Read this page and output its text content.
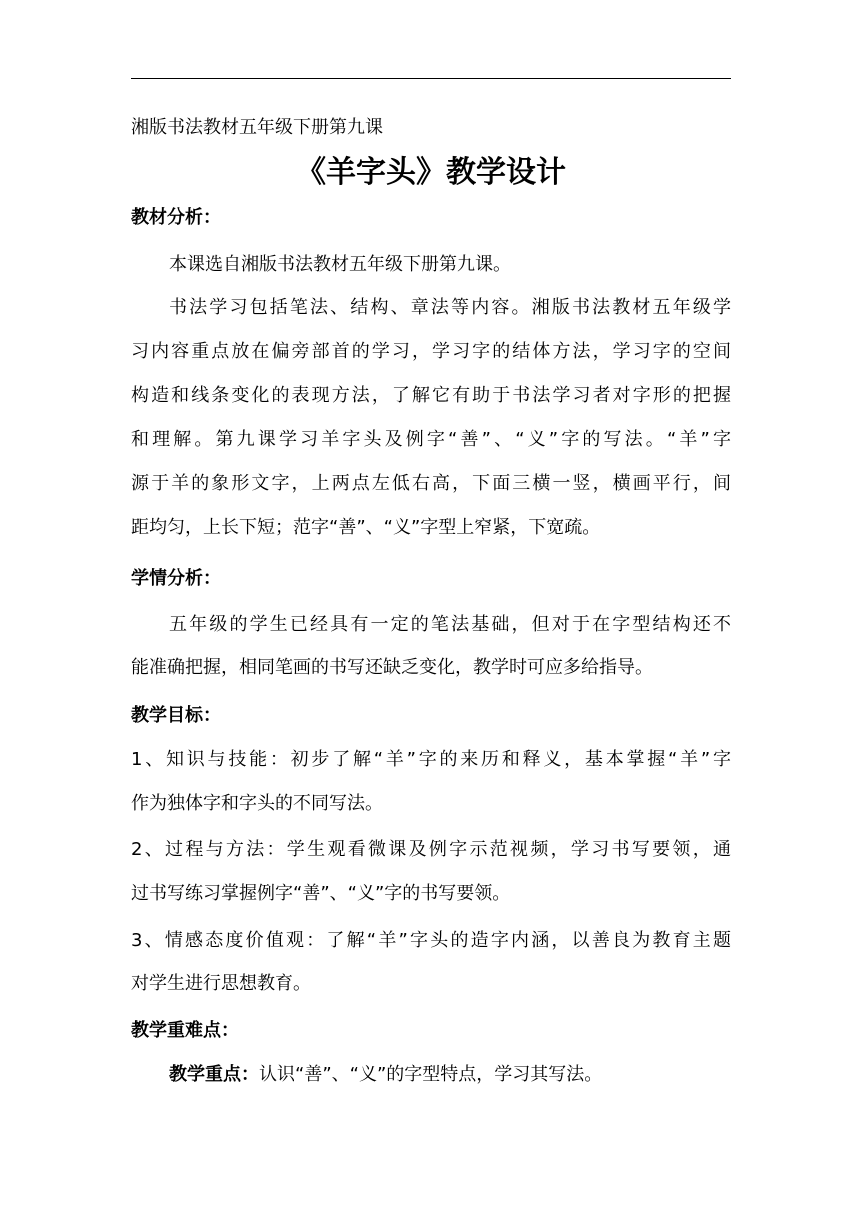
湘版书法教材五年级下册第九课
《羊字头》教学设计
教材分析：
本课选自湘版书法教材五年级下册第九课。
书法学习包括笔法、结构、章法等内容。湘版书法教材五年级学
习内容重点放在偏旁部首的学习，学习字的结体方法，学习字的空间
构造和线条变化的表现方法，了解它有助于书法学习者对字形的把握
和理解。第九课学习羊字头及例字“善”、“义”字的写法。“羊”字
源于羊的象形文字，上两点左低右高，下面三横一竖，横画平行，间
距均匀，上长下短；范字“善”、“义”字型上窄紧，下宽疏。
学情分析：
五年级的学生已经具有一定的笔法基础，但对于在字型结构还不
能准确把握，相同笔画的书写还缺乏变化，教学时可应多给指导。
教学目标：
1、知识与技能：初步了解“羊”字的来历和释义，基本掌握“羊”字
作为独体字和字头的不同写法。
2、过程与方法：学生观看微课及例字示范视频，学习书写要领，通
过书写练习掌握例字“善”、“义”字的书写要领。
3、情感态度价值观：了解“羊”字头的造字内涵，以善良为教育主题
对学生进行思想教育。
教学重难点：
教学重点：认识“善”、“义”的字型特点，学习其写法。
